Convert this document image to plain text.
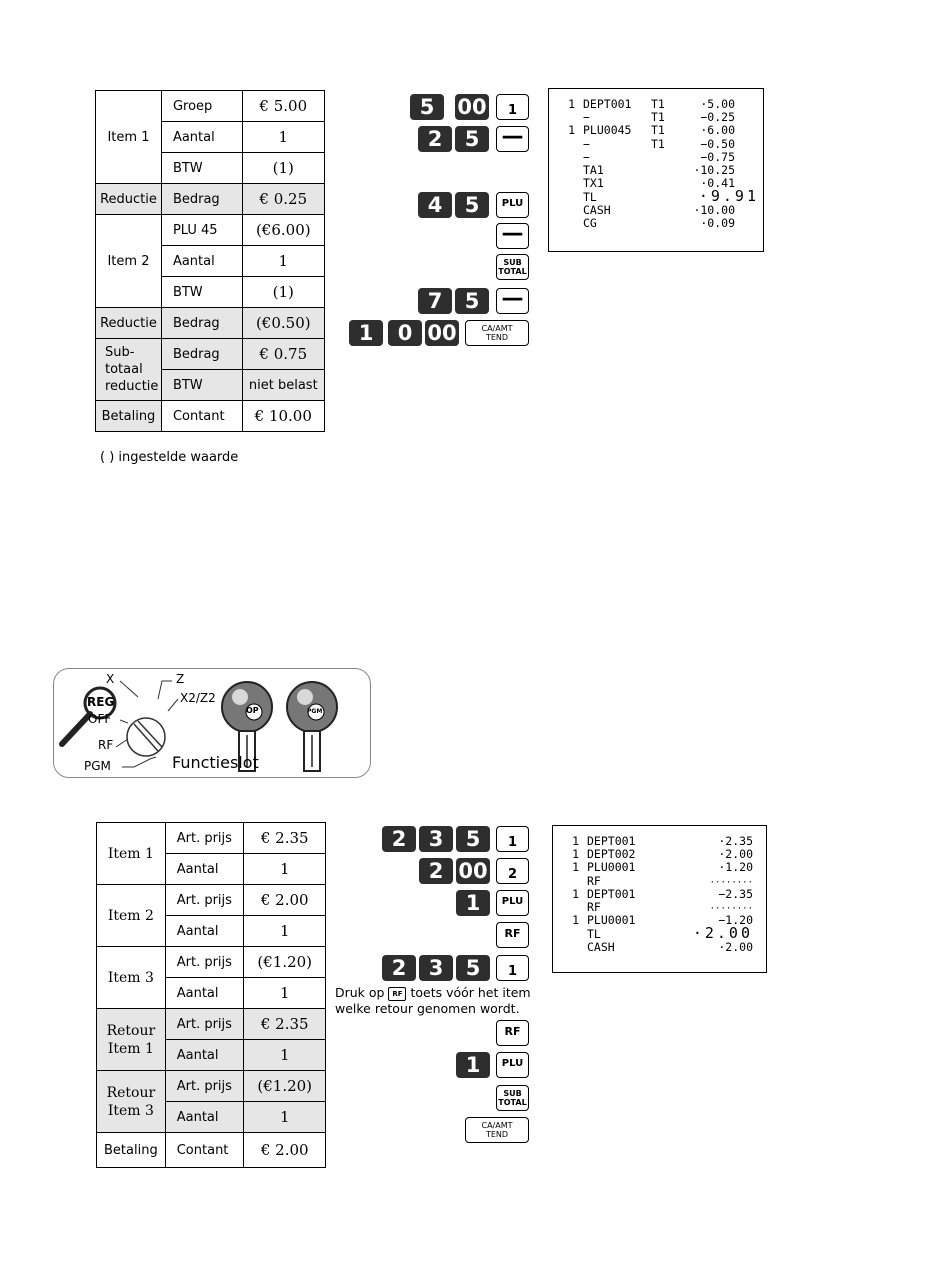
Item 1	Groep	€ 5.00
	Aantal	1
	BTW	(1)
Reductie	Bedrag	€ 0.25
Item 2	PLU 45	(€6.00)
	Aantal	1
	BTW	(1)
Reductie	Bedrag	(€0.50)
Sub-
totaal
reductie	Bedrag	€ 0.75
	BTW	niet belast
Betaling	Contant	€ 10.00
( ) ingestelde waarde
5	00	1
2	5	—
4	5	PLU
—
SUB
TOTAL
7	5	—
1	0 00	CA/AMT
TEND
1 DEPT001 T1	·5.00
−	T1	−0.25
1 PLU0045 T1	·6.00
−	T1	−0.50
−	−0.75
TA1	·10.25
TX1	·0.41
TL	·9.91
CASH	·10.00
CG	·0.09
X	Z
X2/Z2
REG
OFF
RF
PGM
OP	PGM
Functieslot
Item 1	Art. prijs	€ 2.35
	Aantal	1
Item 2	Art. prijs	€ 2.00
	Aantal	1
Item 3	Art. prijs	(€1.20)
	Aantal	1
Retour
Item 1	Art. prijs	€ 2.35
	Aantal	1
Retour
Item 3	Art. prijs	(€1.20)
	Aantal	1
Betaling	Contant	€ 2.00
2	3	5	1
2 00	2
1	PLU
RF
2	3	5	1
Druk op RF toets vóór het item
welke retour genomen wordt.
RF
1	PLU
SUB
TOTAL
CA/AMT
TEND
1 DEPT001	·2.35
1 DEPT002	·2.00
1 PLU0001	·1.20
RF	········
1 DEPT001	−2.35
RF	········
1 PLU0001	−1.20
TL	·2.00
CASH	·2.00
